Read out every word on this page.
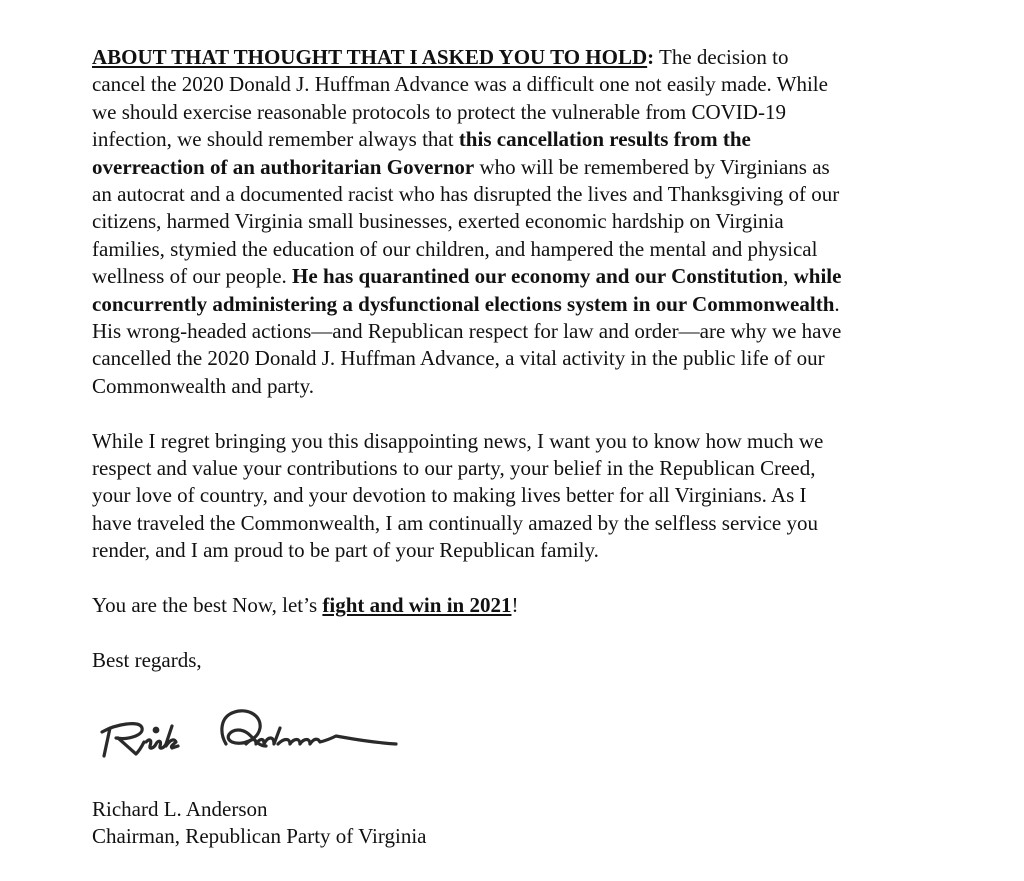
ABOUT THAT THOUGHT THAT I ASKED YOU TO HOLD: The decision to
cancel the 2020 Donald J. Huffman Advance was a difficult one not easily made. While
we should exercise reasonable protocols to protect the vulnerable from COVID-19
infection, we should remember always that this cancellation results from the
overreaction of an authoritarian Governor who will be remembered by Virginians as
an autocrat and a documented racist who has disrupted the lives and Thanksgiving of our
citizens, harmed Virginia small businesses, exerted economic hardship on Virginia
families, stymied the education of our children, and hampered the mental and physical
wellness of our people. He has quarantined our economy and our Constitution, while
concurrently administering a dysfunctional elections system in our Commonwealth.
His wrong-headed actions—and Republican respect for law and order—are why we have
cancelled the 2020 Donald J. Huffman Advance, a vital activity in the public life of our
Commonwealth and party.

While I regret bringing you this disappointing news, I want you to know how much we
respect and value your contributions to our party, your belief in the Republican Creed,
your love of country, and your devotion to making lives better for all Virginians. As I
have traveled the Commonwealth, I am continually amazed by the selfless service you
render, and I am proud to be part of your Republican family.

You are the best Now, let’s fight and win in 2021!

Best regards,

Richard L. Anderson
Chairman, Republican Party of Virginia
